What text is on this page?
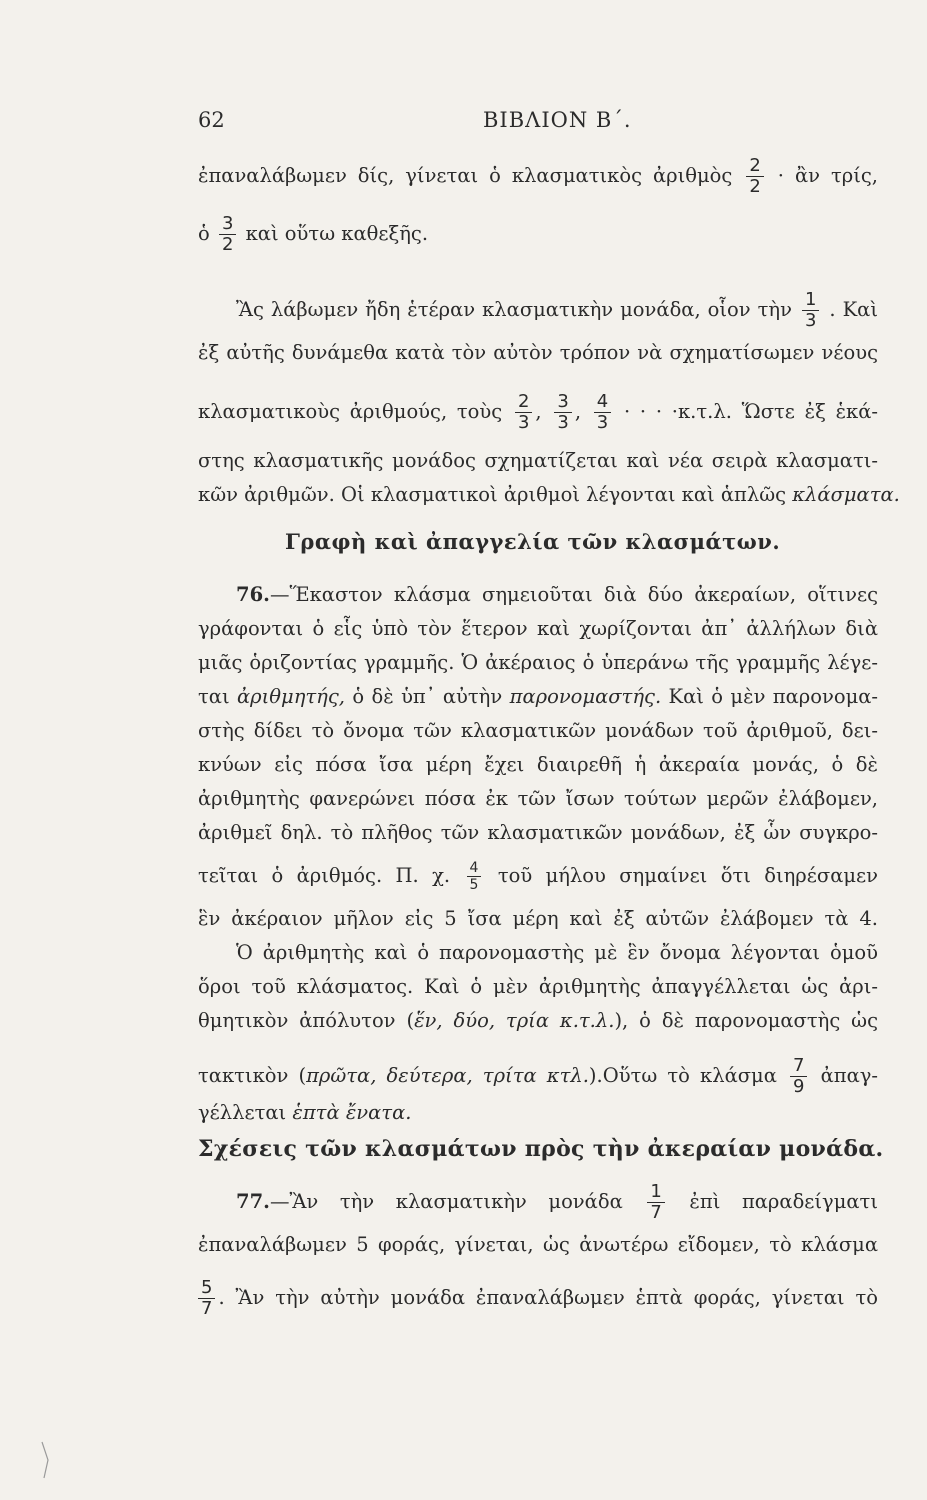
62	ΒΙΒΛΙΟΝ Β΄.
ἐπαναλάβωμεν δίς, γίνεται ὁ κλασματικὸς ἀριθμὸς $\frac{2}{2}$ · ἂν τρίς,
ὁ $\frac{3}{2}$ καὶ οὕτω καθεξῆς.
Ἂς λάβωμεν ἤδη ἑτέραν κλασματικὴν μονάδα, οἷον τὴν $\frac{1}{3}$ . Καὶ
ἐξ αὐτῆς δυνάμεθα κατὰ τὸν αὐτὸν τρόπον νὰ σχηματίσωμεν νέους
κλασματικοὺς ἀριθμούς, τοὺς $\frac{2}{3}$ , $\frac{3}{3}$ , $\frac{4}{3}$ · · · ·κ.τ.λ. Ὥστε ἐξ ἑκά-
στης κλασματικῆς μονάδος σχηματίζεται καὶ νέα σειρὰ κλασματι-
κῶν ἀριθμῶν. Οἱ κλασματικοὶ ἀριθμοὶ λέγονται καὶ ἁπλῶς κλάσματα.
Γραφὴ καὶ ἀπαγγελία τῶν κλασμάτων.
76.—Ἕκαστον κλάσμα σημειοῦται διὰ δύο ἀκεραίων, οἵτινες
γράφονται ὁ εἷς ὑπὸ τὸν ἕτερον καὶ χωρίζονται ἀπ᾽ ἀλλήλων διὰ
μιᾶς ὁριζοντίας γραμμῆς. Ὁ ἀκέραιος ὁ ὑπεράνω τῆς γραμμῆς λέγε-
ται ἀριθμητής, ὁ δὲ ὑπ᾽ αὐτὴν παρονομαστής. Καὶ ὁ μὲν παρονομα-
στὴς δίδει τὸ ὄνομα τῶν κλασματικῶν μονάδων τοῦ ἀριθμοῦ, δει-
κνύων εἰς πόσα ἴσα μέρη ἔχει διαιρεθῆ ἡ ἀκεραία μονάς, ὁ δὲ
ἀριθμητὴς φανερώνει πόσα ἐκ τῶν ἴσων τούτων μερῶν ἐλάβομεν,
ἀριθμεῖ δηλ. τὸ πλῆθος τῶν κλασματικῶν μονάδων, ἐξ ὧν συγκρο-
τεῖται ὁ ἀριθμός. Π. χ. $\frac{4}{5}$ τοῦ μήλου σημαίνει ὅτι διηρέσαμεν
ἓν ἀκέραιον μῆλον εἰς 5 ἴσα μέρη καὶ ἐξ αὐτῶν ἐλάβομεν τὰ 4.
Ὁ ἀριθμητὴς καὶ ὁ παρονομαστὴς μὲ ἓν ὄνομα λέγονται ὁμοῦ
ὅροι τοῦ κλάσματος. Καὶ ὁ μὲν ἀριθμητὴς ἀπαγγέλλεται ὡς ἀρι-
θμητικὸν ἀπόλυτον (ἕν, δύο, τρία κ.τ.λ.), ὁ δὲ παρονομαστὴς ὡς
τακτικὸν (πρῶτα, δεύτερα, τρίτα κτλ.).Οὕτω τὸ κλάσμα $\frac{7}{9}$ ἀπαγ-
γέλλεται ἑπτὰ ἔνατα.
Σχέσεις τῶν κλασμάτων πρὸς τὴν ἀκεραίαν μονάδα.
77.—Ἂν τὴν κλασματικὴν μονάδα $\frac{1}{7}$ ἐπὶ παραδείγματι
ἐπαναλάβωμεν 5 φοράς, γίνεται, ὡς ἀνωτέρω εἴδομεν, τὸ κλάσμα
$\frac{5}{7}$ . Ἂν τὴν αὐτὴν μονάδα ἐπαναλάβωμεν ἑπτὰ φοράς, γίνεται τὸ
